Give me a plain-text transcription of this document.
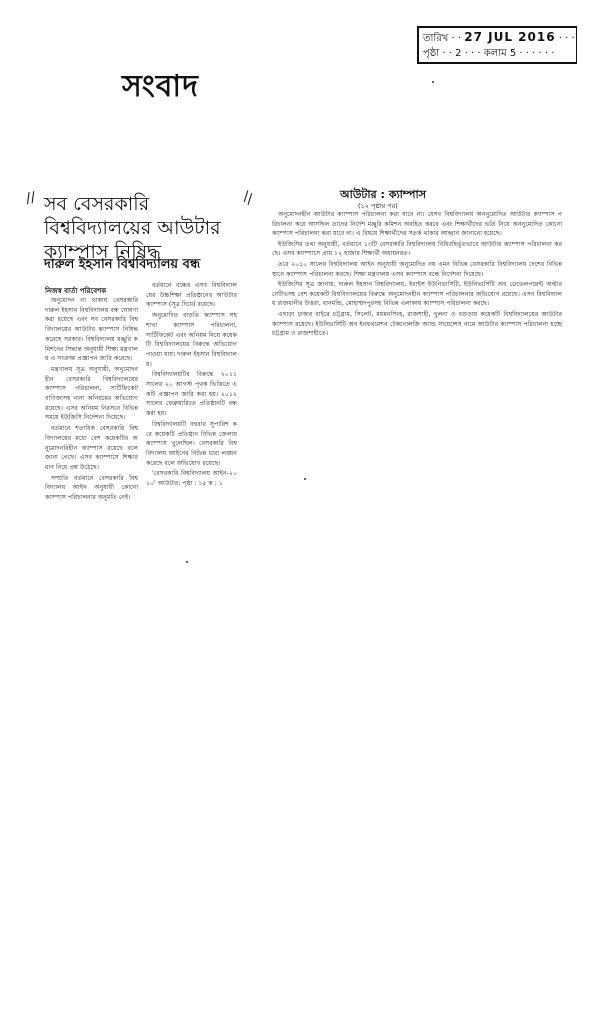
তারিখ · · 27 JUL 2016 · · ·
পৃষ্ঠা · · 2 · · · কলাম 5 · · · · · ·
সংবাদ
//	\\
সব বেসরকারি বিশ্ববিদ্যালয়ের আউটার ক্যাম্পাস নিষিদ্ধ
দারুল ইহসান বিশ্ববিদ্যালয় বন্ধ
নিজস্ব বার্তা পরিবেশক

অনুমোদন না থাকায় বেসরকারি দারুল ইহসান বিশ্ববিদ্যালয় বন্ধ ঘোষণা করা হয়েছে এবং সব বেসরকারি বিশ্ববিদ্যালয়ের আউটার ক্যাম্পাস নিষিদ্ধ করেছে সরকার। বিশ্ববিদ্যালয় মঞ্জুরি কমিশনের সিদ্ধান্ত অনুযায়ী শিক্ষা মন্ত্রণালয় এ সংক্রান্ত প্রজ্ঞাপন জারি করেছে।

মন্ত্রণালয় সূত্র অনুযায়ী, অনুমোদনহীন বেসরকারি বিশ্ববিদ্যালয়ের ক্যাম্পাস পরিচালনা, সার্টিফিকেট বাণিজ্যসহ নানা অনিয়মের অভিযোগ রয়েছে। এসব অনিয়ম নিরসনে বিভিন্ন সময়ে ইউজিসি নির্দেশনা দিয়েছে।

বর্তমানে শতাধিক বেসরকারি বিশ্ববিদ্যালয়ের মধ্যে বেশ কয়েকটির অনুমোদনবিহীন ক্যাম্পাস রয়েছে বলে জানা গেছে। এসব ক্যাম্পাসে শিক্ষার মান নিয়ে প্রশ্ন উঠেছে।

সম্প্রতি বর্তমানে বেসরকারি বিশ্ববিদ্যালয় আইন অনুযায়ী কোনো ক্যাম্পাস পরিচালনার অনুমতি নেই।

বর্তমানে বন্ধের এসব বিশ্ববিদ্যালয়ের উচ্চশিক্ষা প্রতিষ্ঠানের আউটার ক্যাম্পাস (সূত্র দিয়ে) রয়েছে।

অনুমোদিত বাড়তি ক্যাম্পাস সহ শাখা ক্যাম্পাস পরিচালনা, সার্টিফিকেট এবং অনিয়ম নিয়ে কয়েকটি বিশ্ববিদ্যালয়ের বিরুদ্ধে অভিযোগ পাওয়া যায়। দারুল ইহসান বিশ্ববিদ্যালয়।

বিশ্ববিদ্যালয়টির বিরুদ্ধে ২০১১ সালের ২০ আগস্ট পৃথক ভিত্তিতে একটি প্রজ্ঞাপন জারি করা হয়। ২০১২ সালের ফেব্রুয়ারিতে প্রতিষ্ঠানটি বন্ধ করা হয়।

বিশ্ববিদ্যালয়টি বহুবার সুপারিশ করে কয়েকটি প্রতিষ্ঠান বিভিন্ন জেলায় ক্যাম্পাস খুলেছিল। বেসরকারি বিশ্ববিদ্যালয় আইনের বিভিন্ন ধারা লঙ্ঘন করেছে বলে অভিযোগ রয়েছে।

'বেসরকারি বিশ্ববিদ্যালয় আইন-২০১০' আউটার: পৃষ্ঠা : ১৫ ক : ১

আউটার : ক্যাম্পাস
(১২ পৃষ্ঠার পর)

অনুমোদনহীন আউটার ক্যাম্পাস পরিচালনা করা যাবে না। যেসব বিশ্ববিদ্যালয় অননুমোদিত আউটার ক্যাম্পাস পরিচালনা করে আসছিল তাদের নির্দেশ মঞ্জুরি কমিশন অবহিত করবে এবং শিক্ষার্থীদের ভর্তি নিয়ে অননুমোদিত কোনো ক্যাম্পাস পরিচালনা করা যাবে না। এ বিষয়ে শিক্ষার্থীদের সতর্ক থাকার আহ্বান জানানো হয়েছে।

ইউজিসির তথ্য অনুযায়ী, বর্তমানে ১৩টি বেসরকারি বিশ্ববিদ্যালয় বিধিবহির্ভূতভাবে আউটার ক্যাম্পাস পরিচালনা করছে। এসব ক্যাম্পাসে প্রায় ১২ হাজার শিক্ষার্থী অধ্যয়নরত।

তবে ২০১০ সালের বিশ্ববিদ্যালয় আইন অনুযায়ী অনুমোদিত নয় এমন বিভিন্ন বেসরকারি বিশ্ববিদ্যালয় দেশের বিভিন্ন স্থানে ক্যাম্পাস পরিচালনা করছে। শিক্ষা মন্ত্রণালয় এসব ক্যাম্পাস বন্ধে নির্দেশনা দিয়েছে।

ইউজিসির সূত্র জানায়, দারুল ইহসান বিশ্ববিদ্যালয়, ইবাইস ইউনিভার্সিটি, ইউনিভার্সিটি অব ডেভেলপমেন্ট অল্টারনেটিভসহ বেশ কয়েকটি বিশ্ববিদ্যালয়ের বিরুদ্ধে অনুমোদনহীন ক্যাম্পাস পরিচালনার অভিযোগ রয়েছে। এসব বিশ্ববিদ্যালয় রাজধানীর উত্তরা, ধানমন্ডি, মোহাম্মদপুরসহ বিভিন্ন এলাকায় ক্যাম্পাস পরিচালনা করছে।

এছাড়া ঢাকার বাইরে চট্টগ্রাম, সিলেট, ময়মনসিংহ, রাজশাহী, খুলনা ও বগুড়ায় কয়েকটি বিশ্ববিদ্যালয়ের আউটার ক্যাম্পাস রয়েছে। ইউনিভার্সিটি অব ইনফরমেশন টেকনোলজি অ্যান্ড সায়েন্সেস নামে আউটার ক্যাম্পাস পরিচালনা হচ্ছে চট্টগ্রাম ও রাজশাহীতে।
